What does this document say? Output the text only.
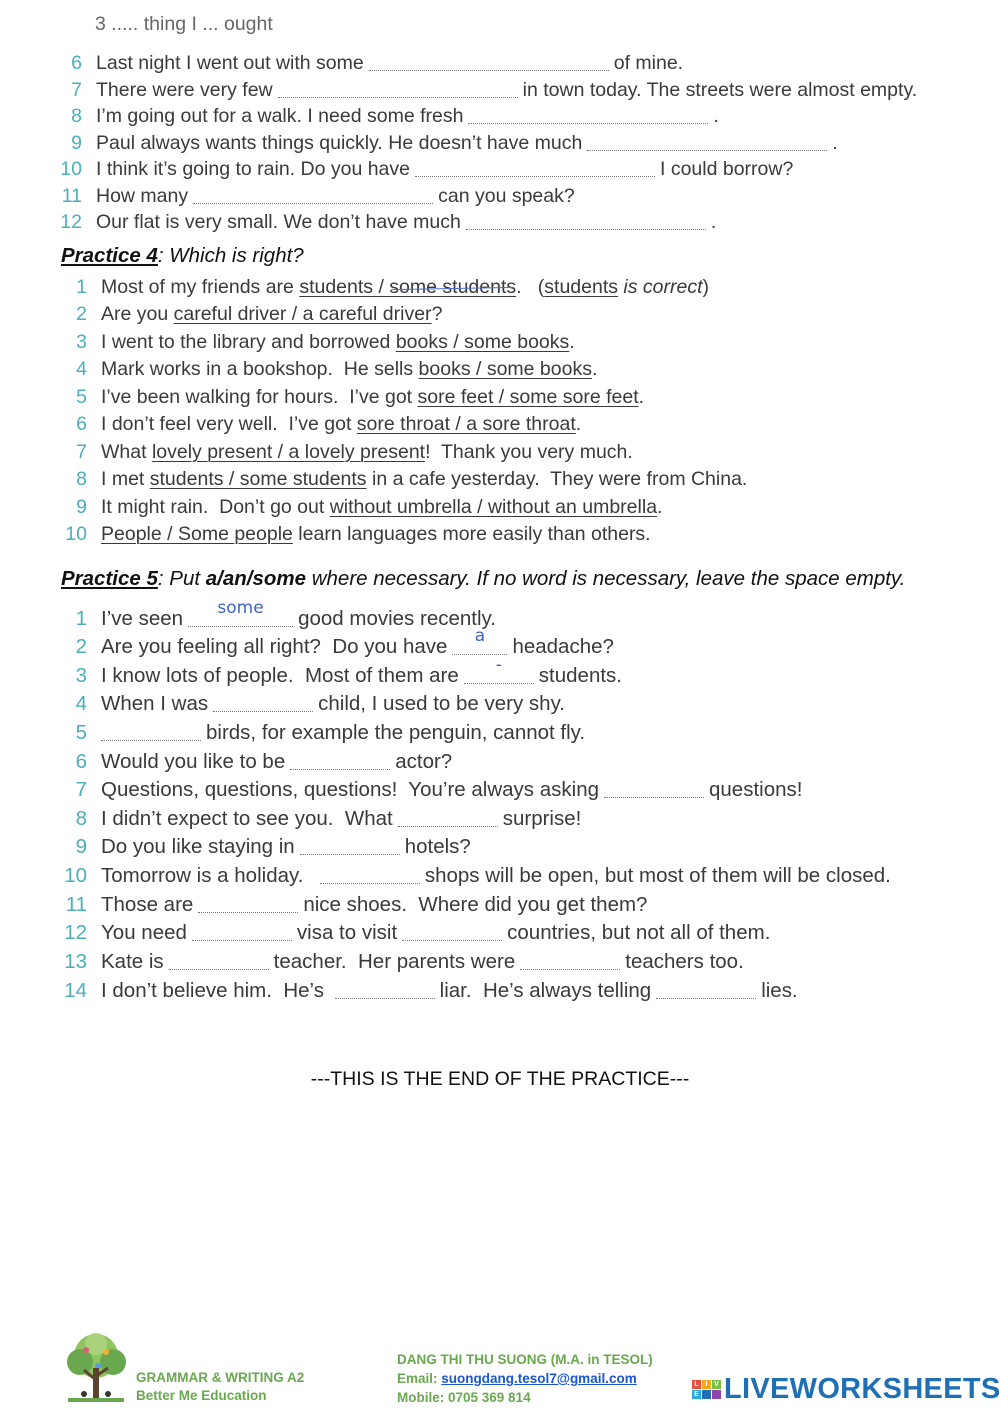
3 ..... thing I ... ought
6 Last night I went out with some	of mine.
7 There were very few	in town today. The streets were almost empty.
8 I’m going out for a walk. I need some fresh	.
9 Paul always wants things quickly. He doesn’t have much	.
10 I think it’s going to rain. Do you have	I could borrow?
11 How many	can you speak?
12 Our flat is very small. We don’t have much	.
Practice 4: Which is right?
1 Most of my friends are students / some students .   ( students is correct )
2 Are you careful driver / a careful driver ?
3 I went to the library and borrowed books / some books .
4 Mark works in a bookshop.  He sells books / some books .
5 I’ve been walking for hours.  I’ve got sore feet / some sore feet .
6 I don’t feel very well.  I’ve got sore throat / a sore throat .
7 What lovely present / a lovely present !  Thank you very much.
8 I met students / some students in a cafe yesterday.  They were from China.
9 It might rain.  Don’t go out without umbrella / without an umbrella .
10 People / Some people learn languages more easily than others.
Practice 5: Put a/an/some where necessary. If no word is necessary, leave the space empty.
1 I’ve seen some good movies recently.
2 Are you feeling all right?  Do you have a headache?
3 I know lots of people.  Most of them are - students.
4 When I was	child, I used to be very shy.
5	birds, for example the penguin, cannot fly.
6 Would you like to be	actor?
7 Questions, questions, questions!  You’re always asking	questions!
8 I didn’t expect to see you.  What	surprise!
9 Do you like staying in	hotels?
10 Tomorrow is a holiday.	shops will be open, but most of them will be closed.
11 Those are	nice shoes.  Where did you get them?
12 You need	visa to visit	countries, but not all of them.
13 Kate is	teacher.  Her parents were	teachers too.
14 I don’t believe him.  He’s	liar.  He’s always telling	lies.
---THIS IS THE END OF THE PRACTICE---
GRAMMAR & WRITING A2
Better Me Education
DANG THI THU SUONG (M.A. in TESOL)
Email: suongdang.tesol7@gmail.com
Mobile: 0705 369 814
L I V
E LIVEWORKSHEETS
